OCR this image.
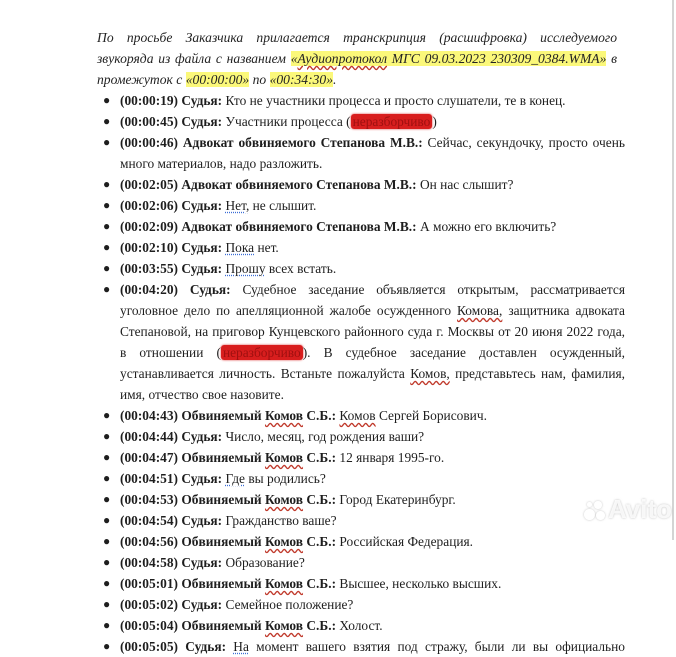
По просьбе Заказчика прилагается транскрипция (расшифровка) исследуемого звукоряда из файла с названием «Аудиопротокол МГС 09.03.2023 230309_0384.WMA» в промежуток с «00:00:00» по «00:34:30».
● (00:00:19) Судья: Кто не участники процесса и просто слушатели, те в конец.
● (00:00:45) Судья: Участники процесса ( неразборчиво )
● (00:00:46) Адвокат обвиняемого Степанова М.В.: Сейчас, секундочку, просто очень много материалов, надо разложить.
● (00:02:05) Адвокат обвиняемого Степанова М.В.: Он нас слышит?
● (00:02:06) Судья: Нет, не слышит.
● (00:02:09) Адвокат обвиняемого Степанова М.В.: А можно его включить?
● (00:02:10) Судья: Пока нет.
● (00:03:55) Судья: Прошу всех встать.
● (00:04:20) Судья: Судебное заседание объявляется открытым, рассматривается уголовное дело по апелляционной жалобе осужденного Комова, защитника адвоката Степановой, на приговор Кунцевского районного суда г. Москвы от 20 июня 2022 года, в отношении ( неразборчиво ). В судебное заседание доставлен осужденный, устанавливается личность. Встаньте пожалуйста Комов, представьтесь нам, фамилия, имя, отчество свое назовите.
● (00:04:43) Обвиняемый Комов С.Б.: Комов Сергей Борисович.
● (00:04:44) Судья: Число, месяц, год рождения ваши?
● (00:04:47) Обвиняемый Комов С.Б.: 12 января 1995-го.
● (00:04:51) Судья: Где вы родились?
● (00:04:53) Обвиняемый Комов С.Б.: Город Екатеринбург.
● (00:04:54) Судья: Гражданство ваше?
● (00:04:56) Обвиняемый Комов С.Б.: Российская Федерация.
● (00:04:58) Судья: Образование?
● (00:05:01) Обвиняемый Комов С.Б.: Высшее, несколько высших.
● (00:05:02) Судья: Семейное положение?
● (00:05:04) Обвиняемый Комов С.Б.: Холост.
● (00:05:05) Судья: На момент вашего взятия под стражу, были ли вы официально
Avito
